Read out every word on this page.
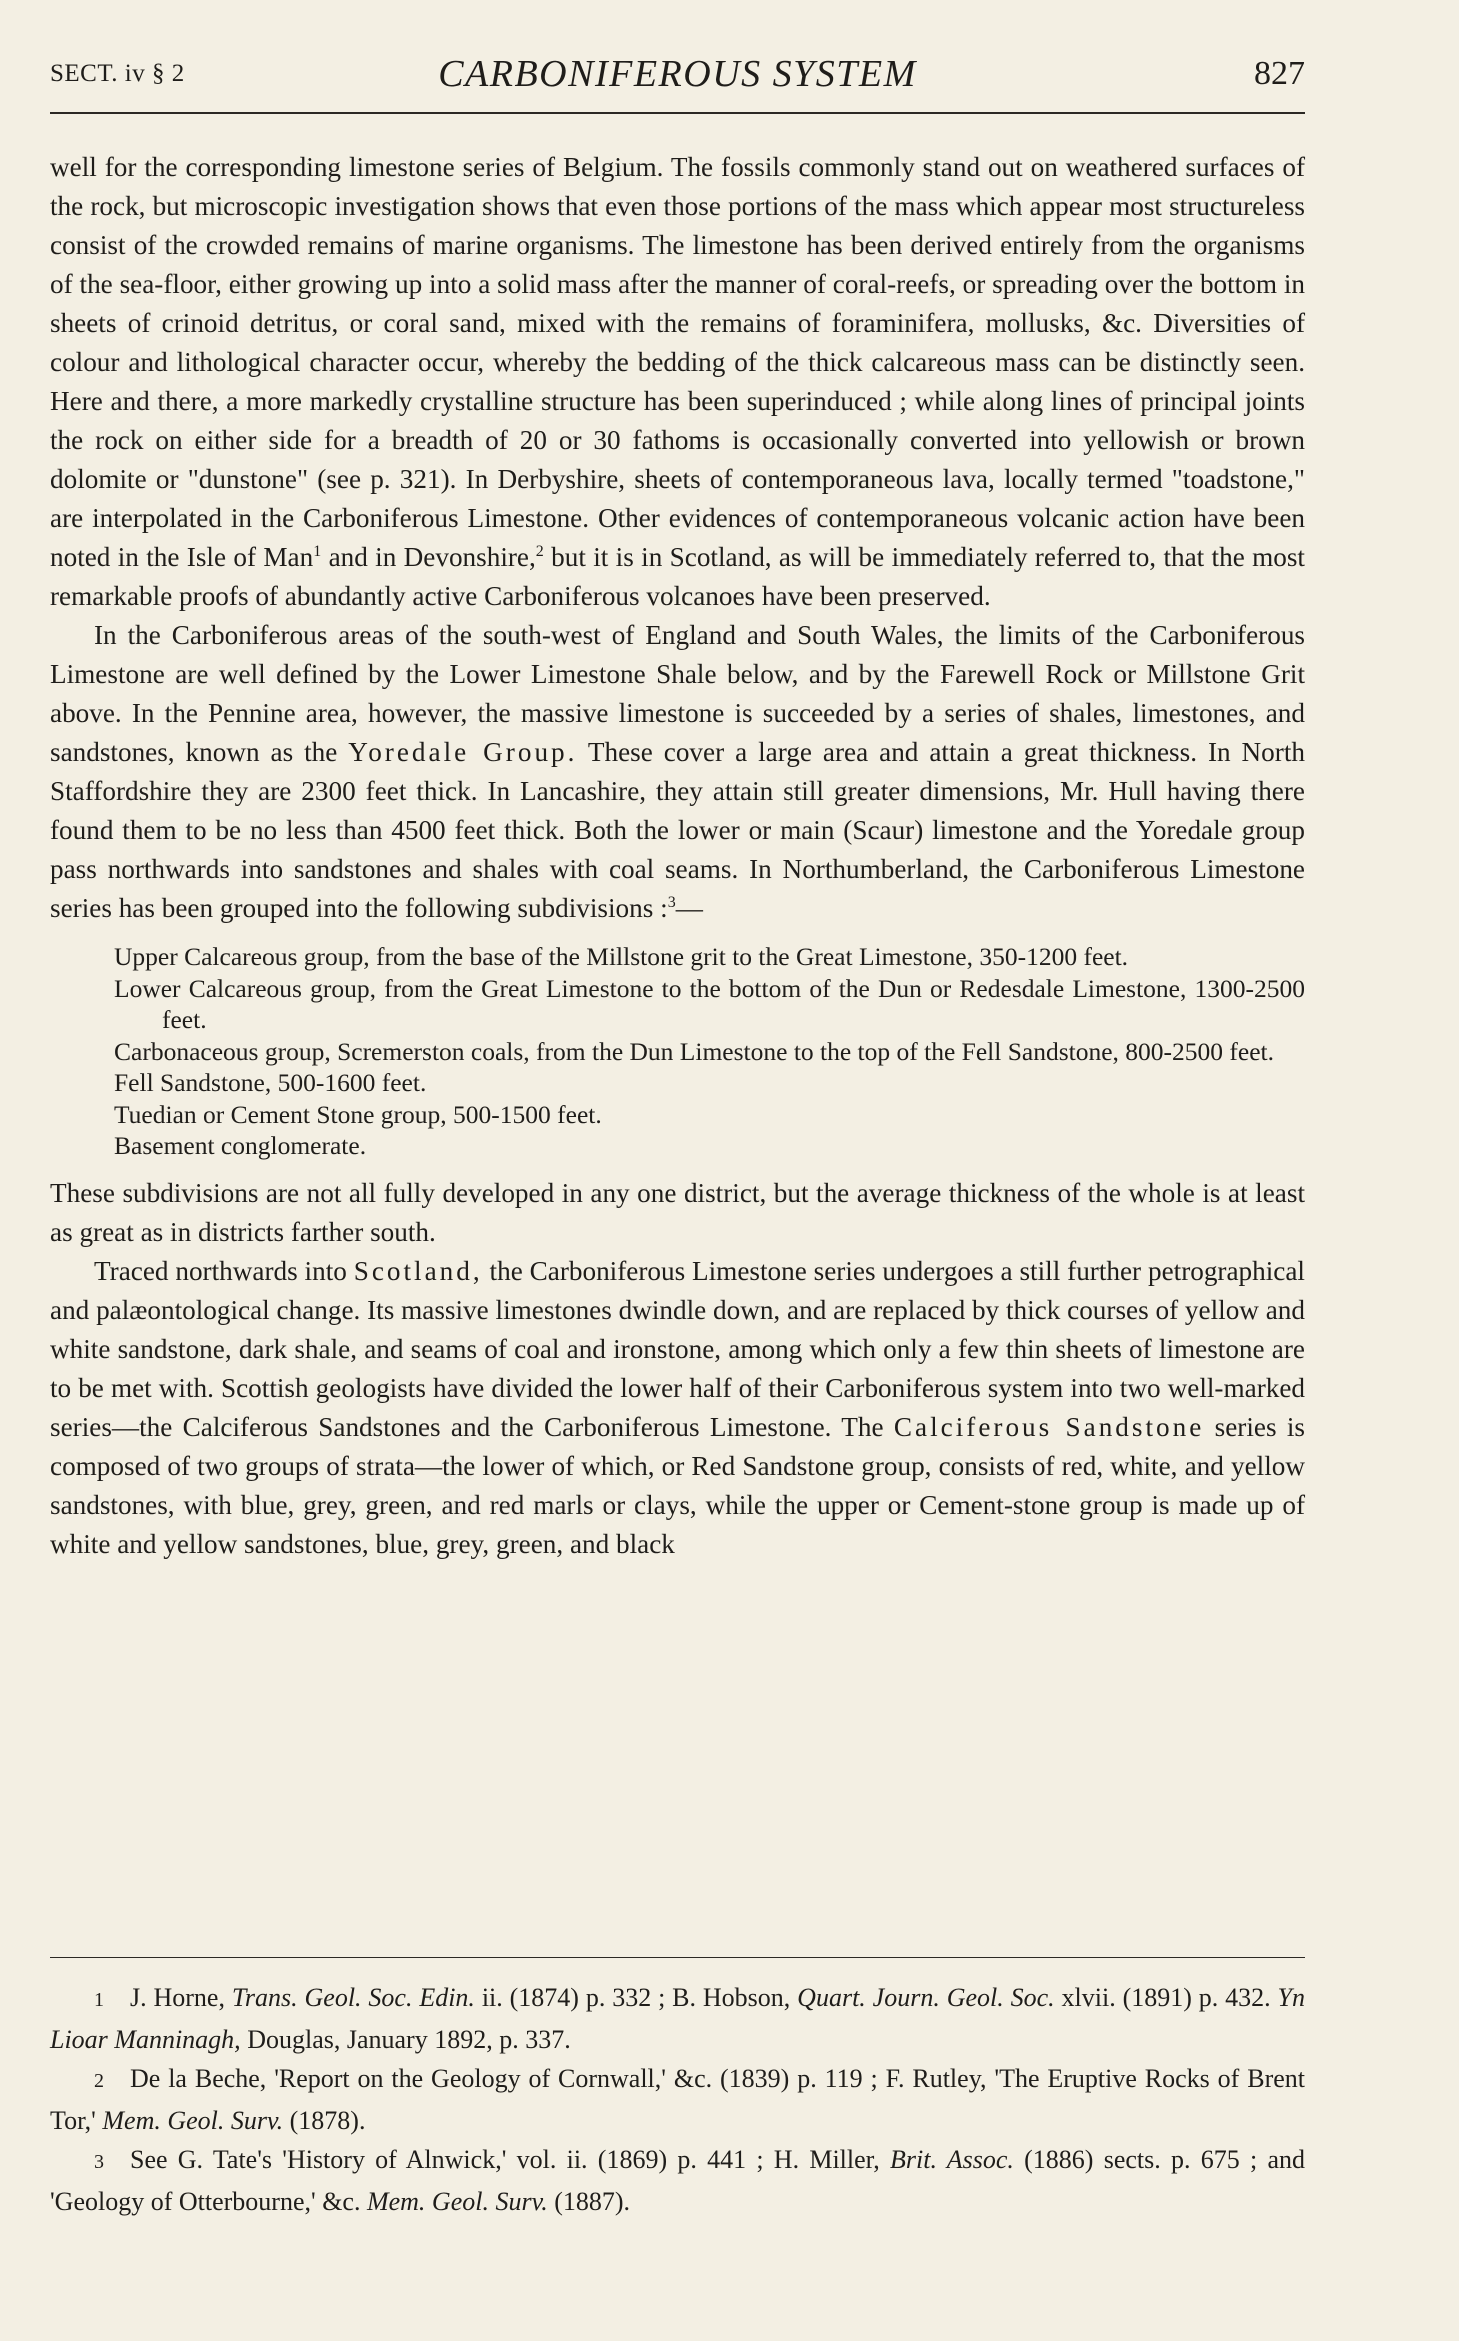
SECT. iv § 2	CARBONIFEROUS SYSTEM	827

well for the corresponding limestone series of Belgium. The fossils commonly stand out on weathered surfaces of the rock, but microscopic investigation shows that even those portions of the mass which appear most structureless consist of the crowded remains of marine organisms. The limestone has been derived entirely from the organisms of the sea-floor, either growing up into a solid mass after the manner of coral-reefs, or spreading over the bottom in sheets of crinoid detritus, or coral sand, mixed with the remains of foraminifera, mollusks, &c. Diversities of colour and lithological character occur, whereby the bedding of the thick calcareous mass can be distinctly seen. Here and there, a more markedly crystalline structure has been superinduced ; while along lines of principal joints the rock on either side for a breadth of 20 or 30 fathoms is occasionally converted into yellowish or brown dolomite or "dunstone" (see p. 321). In Derbyshire, sheets of contemporaneous lava, locally termed "toadstone," are interpolated in the Carboniferous Limestone. Other evidences of contemporaneous volcanic action have been noted in the Isle of Man$^1$ and in Devonshire,$^2$ but it is in Scotland, as will be immediately referred to, that the most remarkable proofs of abundantly active Carboniferous volcanoes have been preserved.

In the Carboniferous areas of the south-west of England and South Wales, the limits of the Carboniferous Limestone are well defined by the Lower Limestone Shale below, and by the Farewell Rock or Millstone Grit above. In the Pennine area, however, the massive limestone is succeeded by a series of shales, limestones, and sandstones, known as the Yoredale Group. These cover a large area and attain a great thickness. In North Staffordshire they are 2300 feet thick. In Lancashire, they attain still greater dimensions, Mr. Hull having there found them to be no less than 4500 feet thick. Both the lower or main (Scaur) limestone and the Yoredale group pass northwards into sandstones and shales with coal seams. In Northumberland, the Carboniferous Limestone series has been grouped into the following subdivisions :$^3$—

Upper Calcareous group, from the base of the Millstone grit to the Great Limestone, 350-1200 feet.
Lower Calcareous group, from the Great Limestone to the bottom of the Dun or Redesdale Limestone, 1300-2500 feet.
Carbonaceous group, Scremerston coals, from the Dun Limestone to the top of the Fell Sandstone, 800-2500 feet.
Fell Sandstone, 500-1600 feet.
Tuedian or Cement Stone group, 500-1500 feet.
Basement conglomerate.

These subdivisions are not all fully developed in any one district, but the average thickness of the whole is at least as great as in districts farther south.

Traced northwards into Scotland, the Carboniferous Limestone series undergoes a still further petrographical and palæontological change. Its massive limestones dwindle down, and are replaced by thick courses of yellow and white sandstone, dark shale, and seams of coal and ironstone, among which only a few thin sheets of limestone are to be met with. Scottish geologists have divided the lower half of their Carboniferous system into two well-marked series—the Calciferous Sandstones and the Carboniferous Limestone. The Calciferous Sandstone series is composed of two groups of strata—the lower of which, or Red Sandstone group, consists of red, white, and yellow sandstones, with blue, grey, green, and red marls or clays, while the upper or Cement-stone group is made up of white and yellow sandstones, blue, grey, green, and black

1 J. Horne, Trans. Geol. Soc. Edin. ii. (1874) p. 332 ; B. Hobson, Quart. Journ. Geol. Soc. xlvii. (1891) p. 432. Yn Lioar Manninagh, Douglas, January 1892, p. 337.

2 De la Beche, 'Report on the Geology of Cornwall,' &c. (1839) p. 119 ; F. Rutley, 'The Eruptive Rocks of Brent Tor,' Mem. Geol. Surv. (1878).

3 See G. Tate's 'History of Alnwick,' vol. ii. (1869) p. 441 ; H. Miller, Brit. Assoc. (1886) sects. p. 675 ; and 'Geology of Otterbourne,' &c. Mem. Geol. Surv. (1887).
